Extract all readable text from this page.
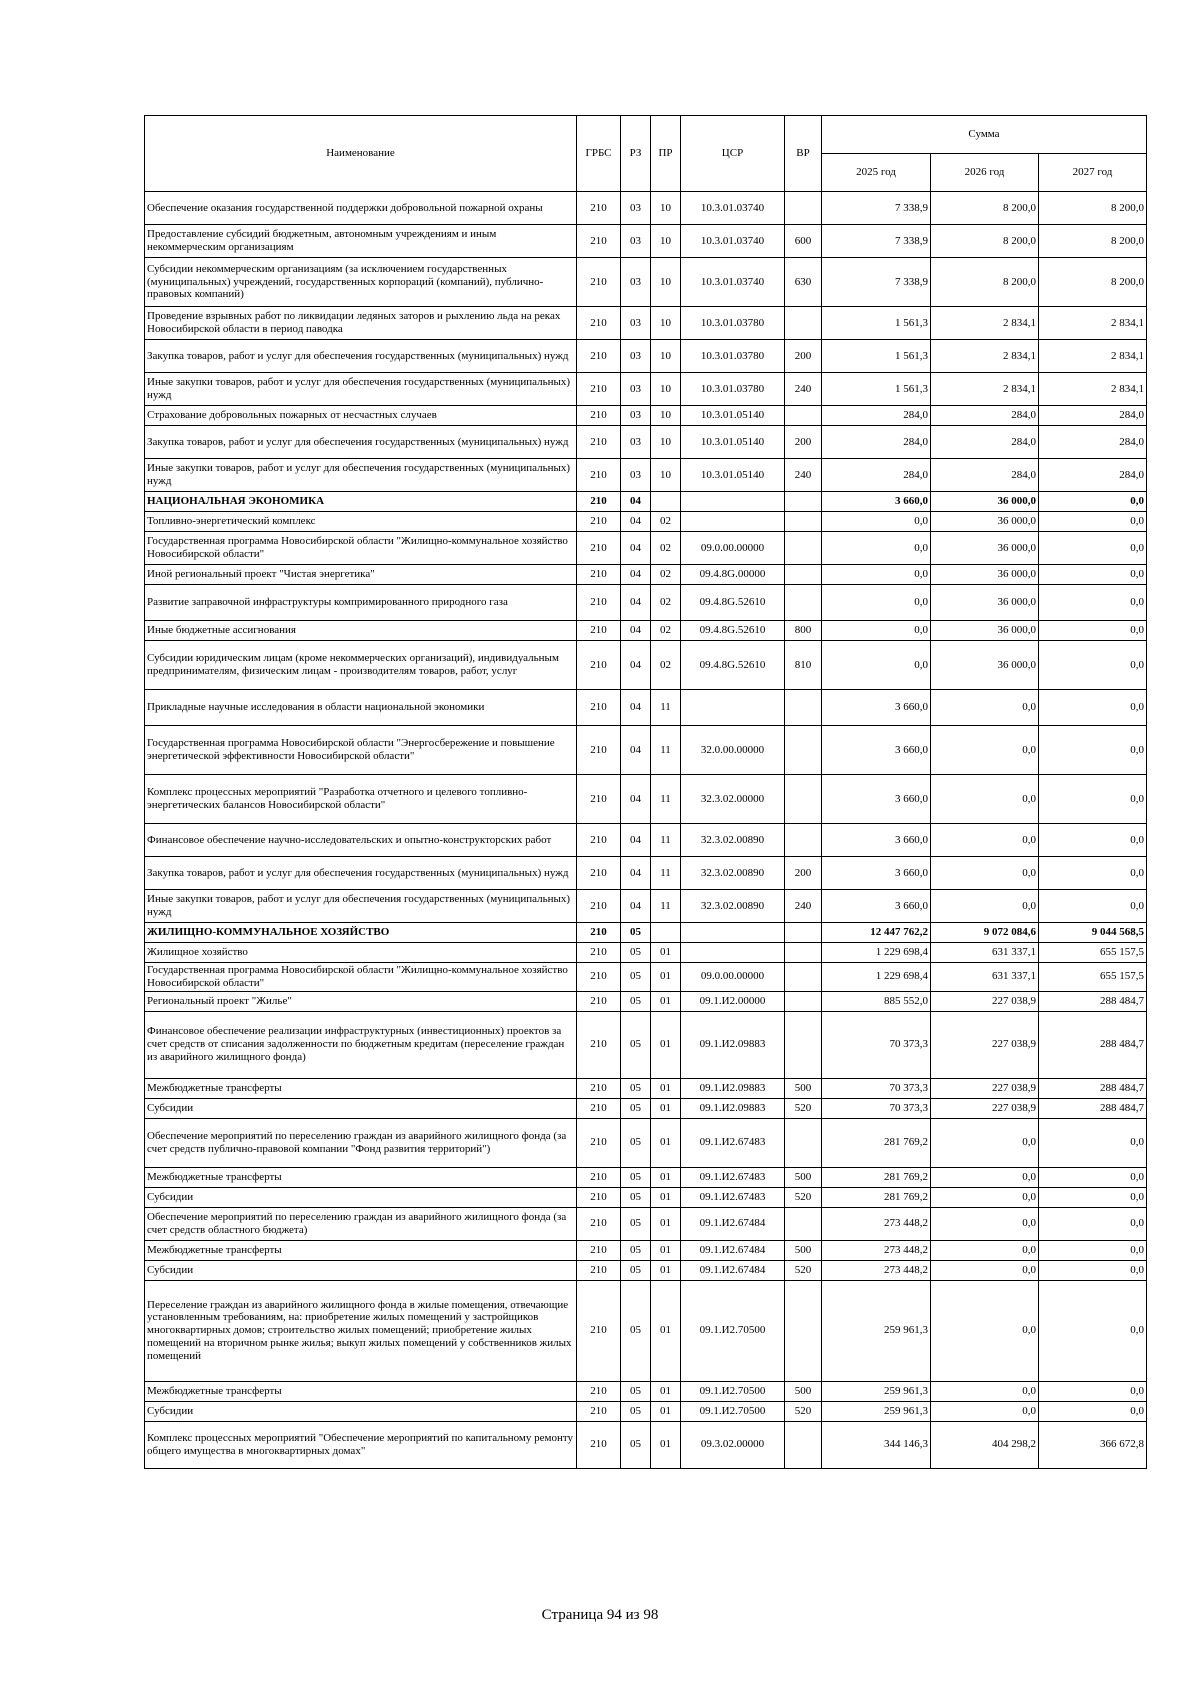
Наименование	ГРБС	РЗ	ПР	ЦСР	ВР	Сумма		
						2025 год	2026 год	2027 год
Обеспечение оказания государственной поддержки добровольной пожарной охраны	210	03	10	10.3.01.03740		7 338,9	8 200,0	8 200,0
Предоставление субсидий бюджетным, автономным учреждениям и иным некоммерческим организациям	210	03	10	10.3.01.03740	600	7 338,9	8 200,0	8 200,0
Субсидии некоммерческим организациям (за исключением государственных (муниципальных) учреждений, государственных корпораций (компаний), публично-правовых компаний)	210	03	10	10.3.01.03740	630	7 338,9	8 200,0	8 200,0
Проведение взрывных работ по ликвидации ледяных заторов и рыхлению льда на реках Новосибирской области в период паводка	210	03	10	10.3.01.03780		1 561,3	2 834,1	2 834,1
Закупка товаров, работ и услуг для обеспечения государственных (муниципальных) нужд	210	03	10	10.3.01.03780	200	1 561,3	2 834,1	2 834,1
Иные закупки товаров, работ и услуг для обеспечения государственных (муниципальных) нужд	210	03	10	10.3.01.03780	240	1 561,3	2 834,1	2 834,1
Страхование добровольных пожарных от несчастных случаев	210	03	10	10.3.01.05140		284,0	284,0	284,0
Закупка товаров, работ и услуг для обеспечения государственных (муниципальных) нужд	210	03	10	10.3.01.05140	200	284,0	284,0	284,0
Иные закупки товаров, работ и услуг для обеспечения государственных (муниципальных) нужд	210	03	10	10.3.01.05140	240	284,0	284,0	284,0
НАЦИОНАЛЬНАЯ ЭКОНОМИКА	210	04				3 660,0	36 000,0	0,0
Топливно-энергетический комплекс	210	04	02			0,0	36 000,0	0,0
Государственная программа Новосибирской области "Жилищно-коммунальное хозяйство Новосибирской области"	210	04	02	09.0.00.00000		0,0	36 000,0	0,0
Иной региональный проект "Чистая энергетика"	210	04	02	09.4.8G.00000		0,0	36 000,0	0,0
Развитие заправочной инфраструктуры компримированного природного газа	210	04	02	09.4.8G.52610		0,0	36 000,0	0,0
Иные бюджетные ассигнования	210	04	02	09.4.8G.52610	800	0,0	36 000,0	0,0
Субсидии юридическим лицам (кроме некоммерческих организаций), индивидуальным предпринимателям, физическим лицам - производителям товаров, работ, услуг	210	04	02	09.4.8G.52610	810	0,0	36 000,0	0,0
Прикладные научные исследования в области национальной экономики	210	04	11			3 660,0	0,0	0,0
Государственная программа Новосибирской области "Энергосбережение и повышение энергетической эффективности Новосибирской области"	210	04	11	32.0.00.00000		3 660,0	0,0	0,0
Комплекс процессных мероприятий "Разработка отчетного и целевого топливно-энергетических балансов Новосибирской области"	210	04	11	32.3.02.00000		3 660,0	0,0	0,0
Финансовое обеспечение научно-исследовательских и опытно-конструкторских работ	210	04	11	32.3.02.00890		3 660,0	0,0	0,0
Закупка товаров, работ и услуг для обеспечения государственных (муниципальных) нужд	210	04	11	32.3.02.00890	200	3 660,0	0,0	0,0
Иные закупки товаров, работ и услуг для обеспечения государственных (муниципальных) нужд	210	04	11	32.3.02.00890	240	3 660,0	0,0	0,0
ЖИЛИЩНО-КОММУНАЛЬНОЕ ХОЗЯЙСТВО	210	05				12 447 762,2	9 072 084,6	9 044 568,5
Жилищное хозяйство	210	05	01			1 229 698,4	631 337,1	655 157,5
Государственная программа Новосибирской области "Жилищно-коммунальное хозяйство Новосибирской области"	210	05	01	09.0.00.00000		1 229 698,4	631 337,1	655 157,5
Региональный проект "Жилье"	210	05	01	09.1.И2.00000		885 552,0	227 038,9	288 484,7
Финансовое обеспечение реализации инфраструктурных (инвестиционных) проектов за счет средств от списания задолженности по бюджетным кредитам (переселение граждан из аварийного жилищного фонда)	210	05	01	09.1.И2.09883		70 373,3	227 038,9	288 484,7
Межбюджетные трансферты	210	05	01	09.1.И2.09883	500	70 373,3	227 038,9	288 484,7
Субсидии	210	05	01	09.1.И2.09883	520	70 373,3	227 038,9	288 484,7
Обеспечение мероприятий по переселению граждан из аварийного жилищного фонда (за счет средств публично-правовой компании "Фонд развития территорий")	210	05	01	09.1.И2.67483		281 769,2	0,0	0,0
Межбюджетные трансферты	210	05	01	09.1.И2.67483	500	281 769,2	0,0	0,0
Субсидии	210	05	01	09.1.И2.67483	520	281 769,2	0,0	0,0
Обеспечение мероприятий по переселению граждан из аварийного жилищного фонда (за счет средств областного бюджета)	210	05	01	09.1.И2.67484		273 448,2	0,0	0,0
Межбюджетные трансферты	210	05	01	09.1.И2.67484	500	273 448,2	0,0	0,0
Субсидии	210	05	01	09.1.И2.67484	520	273 448,2	0,0	0,0
Переселение граждан из аварийного жилищного фонда в жилые помещения, отвечающие установленным требованиям, на: приобретение жилых помещений у застройщиков многоквартирных домов; строительство жилых помещений; приобретение жилых помещений на вторичном рынке жилья; выкуп жилых помещений у собственников жилых помещений	210	05	01	09.1.И2.70500		259 961,3	0,0	0,0
Межбюджетные трансферты	210	05	01	09.1.И2.70500	500	259 961,3	0,0	0,0
Субсидии	210	05	01	09.1.И2.70500	520	259 961,3	0,0	0,0
Комплекс процессных мероприятий "Обеспечение мероприятий по капитальному ремонту общего имущества в многоквартирных домах"	210	05	01	09.3.02.00000		344 146,3	404 298,2	366 672,8
Страница 94 из 98
